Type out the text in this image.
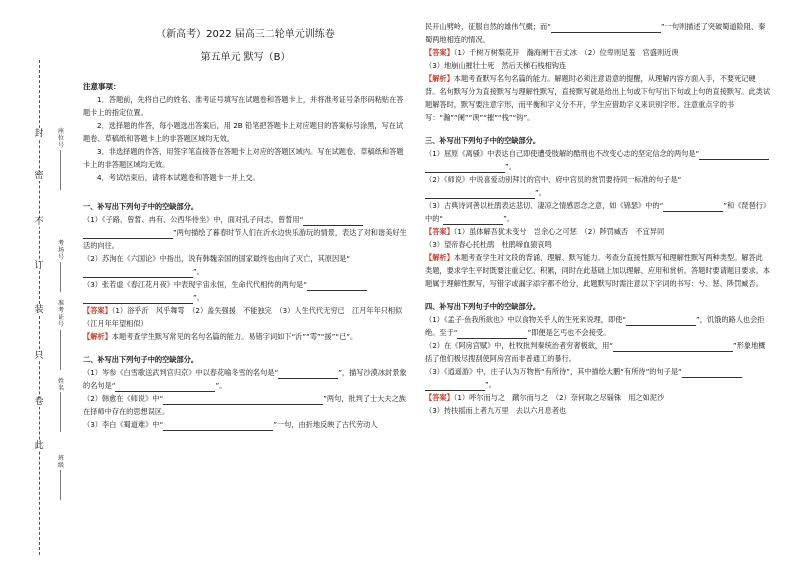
封
密
不
订
装
只
卷
此
座位号
考场号
准考证号
姓名
班级
（新高考）2022 届高三二轮单元训练卷
第五单元 默写（B）
注意事项：

1．答题前，先将自己的姓名、准考证号填写在试题卷和答题卡上，并将准考证号条形码粘贴在答题卡上的指定位置。

2．选择题的作答，每小题选出答案后，用 2B 铅笔把答题卡上对应题目的答案标号涂黑，写在试题卷、草稿纸和答题卡上的非答题区域均无效。

3．非选择题的作答，用签字笔直接答在答题卡上对应的答题区域内。写在试题卷、草稿纸和答题卡上的非答题区域均无效。

4．考试结束后，请将本试题卷和答题卡一并上交。

一、补写出下列句子中的空缺部分。

（1）《子路、曾皙、冉有、公西华侍坐》中，面对孔子问志，曾皙用“”两句描绘了暮春时节人们在沂水边快乐游玩的情景，表达了对和谐美好生活的向往。

（2）苏洵在《六国论》中指出，说有韩魏亲国的国家最终也由向了灭亡，其原因是“”。

（3）张若虚《春江花月夜》中表现宇宙永恒，生命代代相传的两句是“”。

【答案】（1）浴乎沂　风乎舞雩　（2）盖失强援　不能独完　（3）人生代代无穷已　江月年年只相似（江月年年望相似）

【解析】本题考查学生默写常见的名句名篇的能力。易错字词如下“沂”“雩”“援”“已”。

二、补写出下列句子中的空缺部分。

（1）岑参《白雪歌送武判官归京》中以春花喻冬雪的名句是“	”，描写沙漠冰封景象的名句是“	”。

（2）韩愈在《师说》中“	”两句，批判了士大夫之族在择师中存在的思想误区。

（3）李白《蜀道难》中“	”一句，由折地反映了古代劳动人

民开山劈岭、征服自然的雄伟气概；而“	”一句则描述了突破蜀道险阻、秦蜀两地相连的情况。

【答案】（1）千树万树梨花开　瀚海阑干百丈冰　（2）位卑则足羞　官盛则近谀

（3）地崩山摧壮士死　然后天梯石栈相钩连

【解析】本题考查默写名句名篇的能力。解题时必须注意语意的提醒，从理解内容方面入手，不要死记硬背。名句默写分为直接默写与理解性默写，直接默写就是给出上句或下句写出下句或上句的直接默写。此类试题解答时，默写要注意字形，而平衡和字义分不开，学生应借助字义来识别字形。注意重点字的书写：“瀚”“阑”“谀”“摧”“栈”“钩”。

三、补写出下列句子中的空缺部分。

（1）屈原《离骚》中表达自己即使遭受肢解的酷刑也不改变心志的坚定信念的两句是“”。

（2）《师说》中说喜爱动别拜讨的官中、府中官员的赏罚要持同一标准的句子是“”。

（3）古典诗词善以杜鹃表达悲切、凄凉之情感思念之意，如《锦瑟》中的“	”和《琵琶行》中的“	”。

【答案】（1）虽体解吾犹未变兮　岂余心之可惩　（2）陟罚臧否　不宜异同

（3）望帝春心托杜鹃　杜鹃啼血猿哀鸣

【解析】本题考查学生对文段的背诵、理解、默写能力。考查分直接性默写和理解性默写两种类型。解答此类题，要求学生平时既要注重记忆、积累，同时在此基础上加以理解、应用和赏析。答题时要请题目要求。本题属于理解性默写，写错字或漏字添字都不给分，此题默写时需注意以下字词的书写：兮、惩、陟罚臧否。

四、补写出下列句子中的空缺部分。

（1）《孟子·鱼我所欲也》中以食物关乎人的生死来说理，即使“	”，饥饿的路人也会拒绝。至于“	”即便是乞丐也不会接受。

（2）在《阿房宫赋》中，杜牧批判秦统治者穷奢极欲，用“	”形象地概括了他们极尽搜刮使阿房宫而非普通工的暴行。

（3）《逍遥游》中，庄子认为万物皆“有所待”，其中描绘大鹏“有所待”的句子是“”。

【答案】（1）呼尔而与之　蹴尔而与之　（2）奈何取之尽锱铢　用之如泥沙

（3）抟扶摇而上者九万里　去以六月息者也
